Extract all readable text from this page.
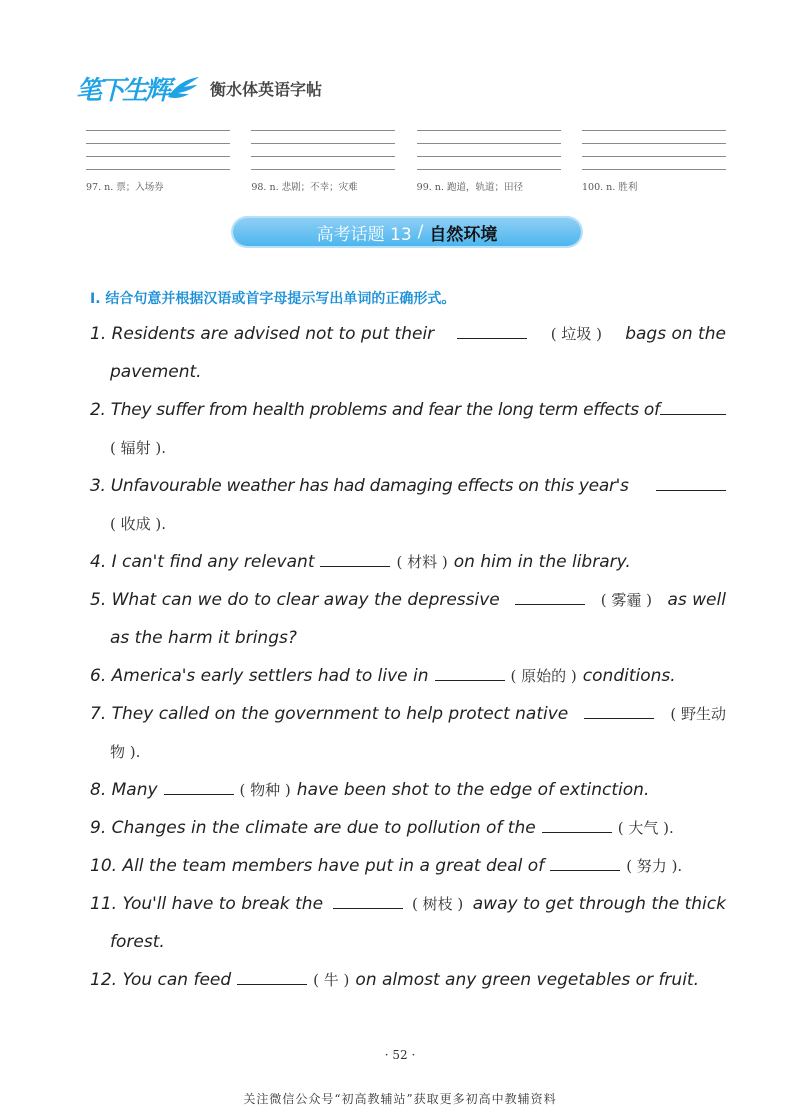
笔下生辉	衡水体英语字帖
97. n. 票；入场券	98. n. 悲剧；不幸；灾难	99. n. 跑道，轨道；田径	100. n. 胜利
高考话题 13 / 自然环境
I. 结合句意并根据汉语或首字母提示写出单词的正确形式。
1. Residents are advised not to put their	( 垃圾 ) bags on the
pavement.
2. They suffer from health problems and fear the long term effects of
( 辐射 ).
3. Unfavourable weather has had damaging effects on this year's
( 收成 ).
4. I can't find any relevant	( 材料 ) on him in the library.
5. What can we do to clear away the depressive	( 雾霾 ) as well
as the harm it brings?
6. America's early settlers had to live in	( 原始的 ) conditions.
7. They called on the government to help protect native	( 野生动
物 ).
8. Many	( 物种 ) have been shot to the edge of extinction.
9. Changes in the climate are due to pollution of the	( 大气 ).
10. All the team members have put in a great deal of	( 努力 ).
11. You'll have to break the	( 树枝 ) away to get through the thick
forest.
12. You can feed	( 牛 ) on almost any green vegetables or fruit.
· 52 ·
关注微信公众号“初高教辅站”获取更多初高中教辅资料
